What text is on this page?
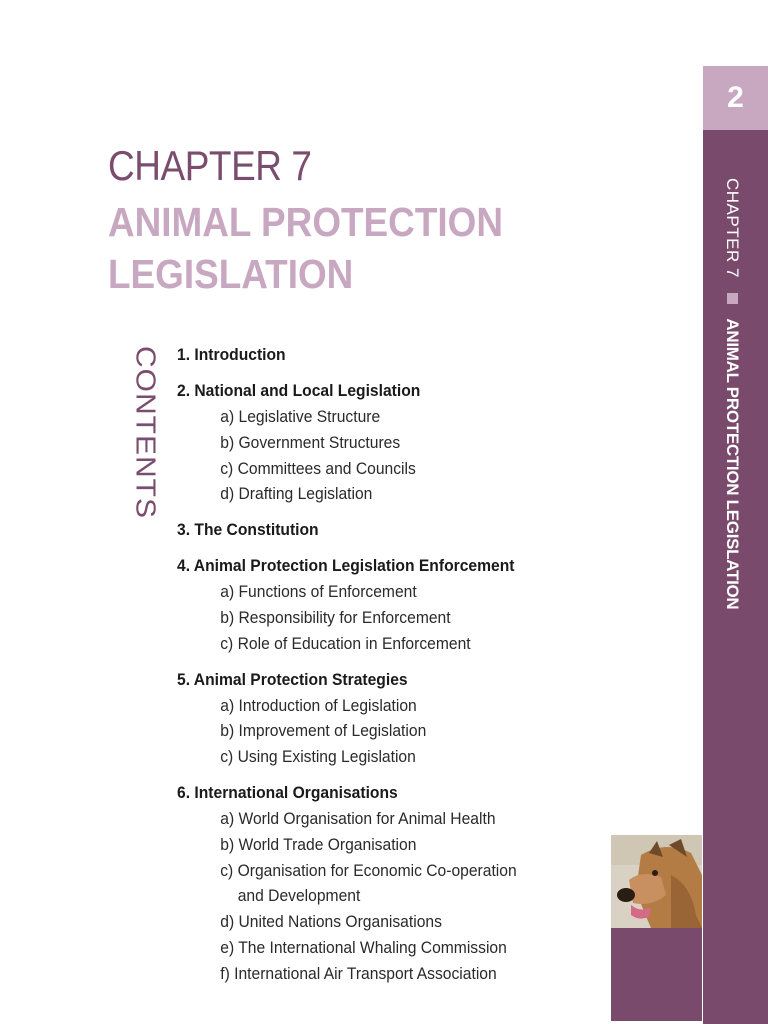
CHAPTER 7
ANIMAL PROTECTION
LEGISLATION
CONTENTS 1. Introduction
2. National and Local Legislation
a) Legislative Structure
b) Government Structures
c) Committees and Councils
d) Drafting Legislation
3. The Constitution
4. Animal Protection Legislation Enforcement
a) Functions of Enforcement
b) Responsibility for Enforcement
c) Role of Education in Enforcement
5. Animal Protection Strategies
a) Introduction of Legislation
b) Improvement of Legislation
c) Using Existing Legislation
6. International Organisations
a) World Organisation for Animal Health
b) World Trade Organisation
c) Organisation for Economic Co-operation
and Development
d) United Nations Organisations
e) The International Whaling Commission
f) International Air Transport Association
2
CHAPTER 7  ANIMAL PROTECTION LEGISLATION
